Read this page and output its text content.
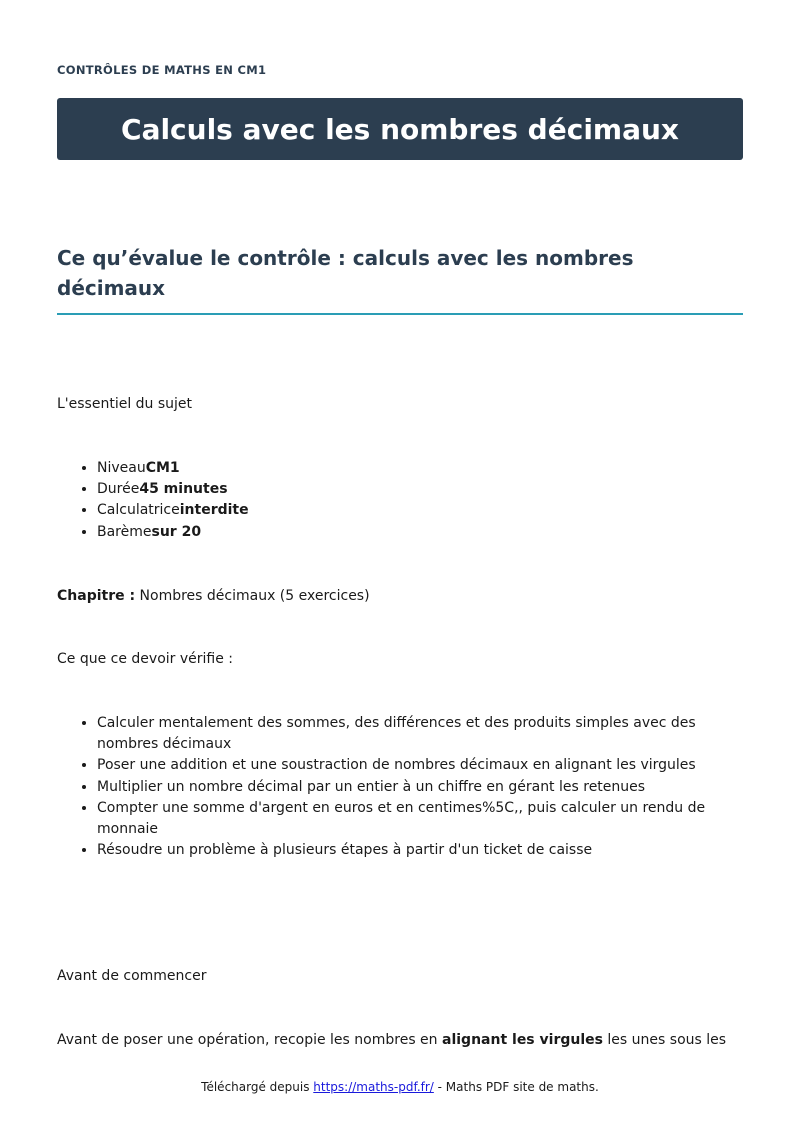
CONTRÔLES DE MATHS EN CM1
Calculs avec les nombres décimaux
Ce qu’évalue le contrôle : calculs avec les nombres décimaux

L'essentiel du sujet

• NiveauCM1
• Durée45 minutes
• Calculatriceinterdite
• Barèmesur 20

Chapitre : Nombres décimaux (5 exercices)

Ce que ce devoir vérifie :

• Calculer mentalement des sommes, des différences et des produits simples avec des nombres décimaux
• Poser une addition et une soustraction de nombres décimaux en alignant les virgules
• Multiplier un nombre décimal par un entier à un chiffre en gérant les retenues
• Compter une somme d'argent en euros et en centimes%5C,, puis calculer un rendu de monnaie
• Résoudre un problème à plusieurs étapes à partir d'un ticket de caisse

Avant de commencer

Avant de poser une opération, recopie les nombres en alignant les virgules les unes sous les

Téléchargé depuis https://maths-pdf.fr/ - Maths PDF site de maths.
